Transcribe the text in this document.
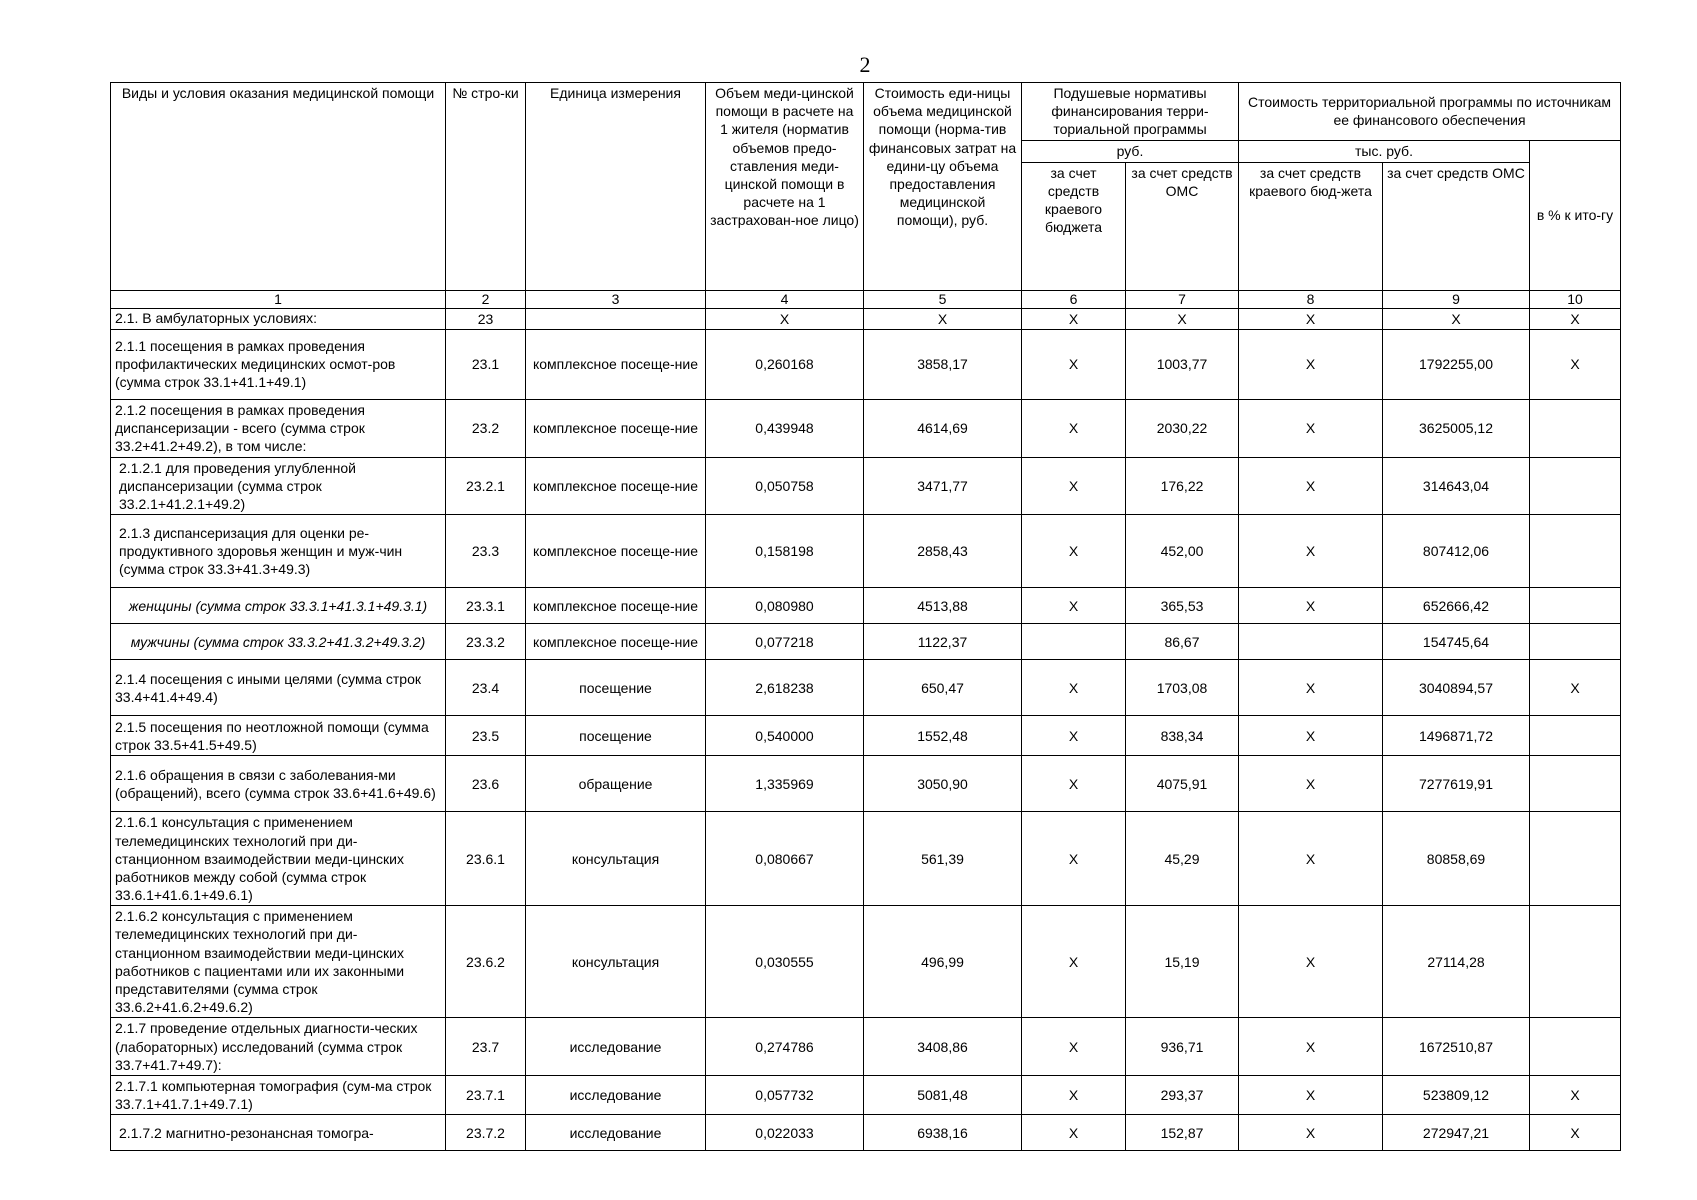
2
Виды и условия оказания медицинской помощи	№ стро-ки	Единица измерения	Объем меди-цинской помощи в расчете на 1 жителя (норматив объемов предо-ставления меди-цинской помощи в расчете на 1 застрахован-ное лицо)	Стоимость еди-ницы объема медицинской помощи (норма-тив финансовых затрат на едини-цу объема предоставления медицинской помощи), руб.	Подушевые нормативы финансирования терри-ториальной программы		Стоимость территориальной программы по источникам ее финансового обеспечения		
					руб.		тыс. руб.		в % к ито-гу
					за счет средств краевого бюджета	за счет средств ОМС	за счет средств краевого бюд-жета	за счет средств ОМС	
1	2	3	4	5	6	7	8	9	10
2.1. В амбулаторных условиях:	23		Х	Х	Х	Х	Х	Х	Х
2.1.1 посещения в рамках проведения профилактических медицинских осмот-ров (сумма строк 33.1+41.1+49.1)	23.1	комплексное посеще-ние	0,260168	3858,17	Х	1003,77	Х	1792255,00	Х
2.1.2 посещения в рамках проведения диспансеризации - всего (сумма строк 33.2+41.2+49.2), в том числе:	23.2	комплексное посеще-ние	0,439948	4614,69	Х	2030,22	Х	3625005,12	
2.1.2.1 для проведения углубленной диспансеризации (сумма строк 33.2.1+41.2.1+49.2)	23.2.1	комплексное посеще-ние	0,050758	3471,77	Х	176,22	Х	314643,04	
2.1.3 диспансеризация для оценки ре-продуктивного здоровья женщин и муж-чин (сумма строк 33.3+41.3+49.3)	23.3	комплексное посеще-ние	0,158198	2858,43	Х	452,00	Х	807412,06	
женщины (сумма строк 33.3.1+41.3.1+49.3.1)	23.3.1	комплексное посеще-ние	0,080980	4513,88	Х	365,53	Х	652666,42	
мужчины (сумма строк 33.3.2+41.3.2+49.3.2)	23.3.2	комплексное посеще-ние	0,077218	1122,37		86,67		154745,64	
2.1.4 посещения с иными целями (сумма строк 33.4+41.4+49.4)	23.4	посещение	2,618238	650,47	Х	1703,08	Х	3040894,57	Х
2.1.5 посещения по неотложной помощи (сумма строк 33.5+41.5+49.5)	23.5	посещение	0,540000	1552,48	Х	838,34	Х	1496871,72	
2.1.6 обращения в связи с заболевания-ми (обращений), всего (сумма строк 33.6+41.6+49.6)	23.6	обращение	1,335969	3050,90	Х	4075,91	Х	7277619,91	
2.1.6.1 консультация с применением телемедицинских технологий при ди-станционном взаимодействии меди-цинских работников между собой (сумма строк 33.6.1+41.6.1+49.6.1)	23.6.1	консультация	0,080667	561,39	Х	45,29	Х	80858,69	
2.1.6.2 консультация с применением телемедицинских технологий при ди-станционном взаимодействии меди-цинских работников с пациентами или их законными представителями (сумма строк 33.6.2+41.6.2+49.6.2)	23.6.2	консультация	0,030555	496,99	Х	15,19	Х	27114,28	
2.1.7 проведение отдельных диагности-ческих (лабораторных) исследований (сумма строк 33.7+41.7+49.7):	23.7	исследование	0,274786	3408,86	Х	936,71	Х	1672510,87	
2.1.7.1 компьютерная томография (сум-ма строк 33.7.1+41.7.1+49.7.1)	23.7.1	исследование	0,057732	5081,48	Х	293,37	Х	523809,12	Х
2.1.7.2 магнитно-резонансная томогра-	23.7.2	исследование	0,022033	6938,16	Х	152,87	Х	272947,21	Х
